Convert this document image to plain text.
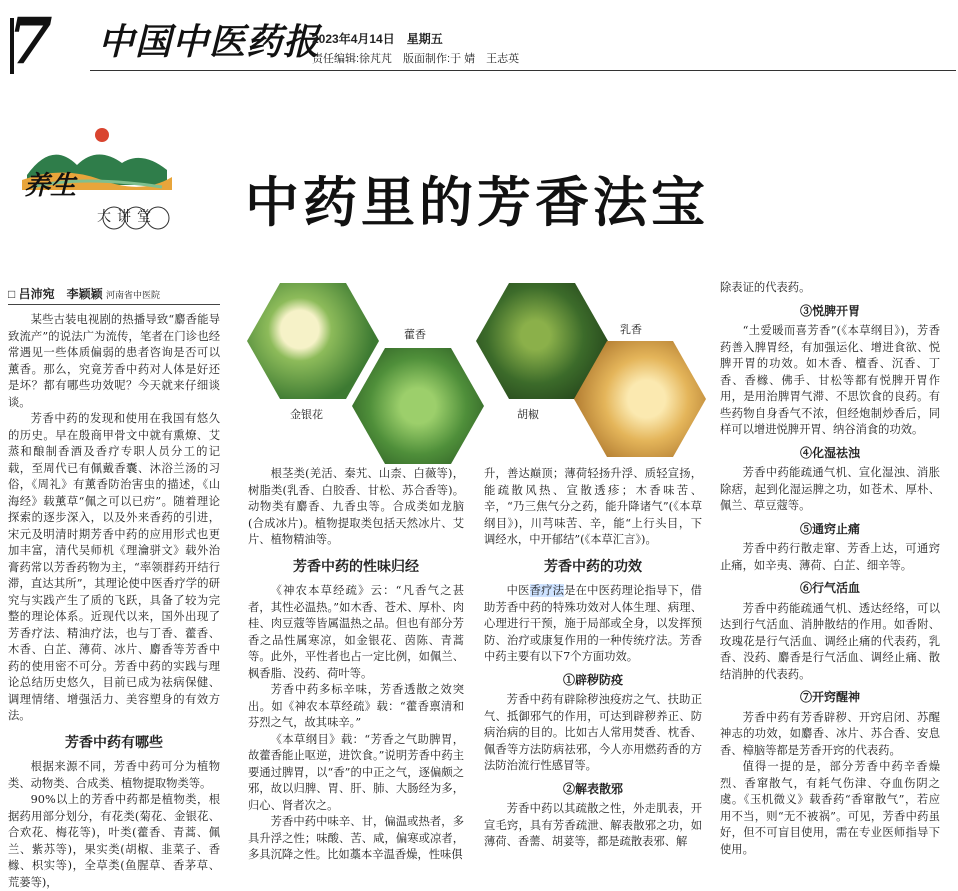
7	中国中医药报
2023年4月14日　星期五
责任编辑:徐芃芃　版面制作:于 婧　王志英
养生
大讲堂 中药里的芳香法宝
□ 吕沛宛　李颖颖 河南省中医院
金银花
藿香
胡椒
乳香

某些古装电视剧的热播导致“麝香能导致流产”的说法广为流传，笔者在门诊也经常遇见一些体质偏弱的患者咨询是否可以薰香。那么，究竟芳香中药对人体是好还是坏？都有哪些功效呢？今天就来仔细谈谈。

芳香中药的发现和使用在我国有悠久的历史。早在殷商甲骨文中就有熏燎、艾蒸和酿制香酒及香疗专职人员分工的记载，至周代已有佩戴香囊、沐浴兰汤的习俗，《周礼》有薰香防治害虫的描述，《山海经》载薰草“佩之可以已疠”。随着理论探索的逐步深入，以及外来香药的引进，宋元及明清时期芳香中药的应用形式也更加丰富，清代吴师机《理瀹骈文》载外治膏药常以芳香药物为主，“率领群药开结行滞，直达其所”，其理论使中医香疗学的研究与实践产生了质的飞跃，具备了较为完整的理论体系。近现代以来，国外出现了芳香疗法、精油疗法，也与丁香、藿香、木香、白芷、薄荷、冰片、麝香等芳香中药的使用密不可分。芳香中药的实践与理论总结历史悠久，目前已成为祛病保健、调理情绪、增强活力、美容塑身的有效方法。

芳香中药有哪些

根据来源不同，芳香中药可分为植物类、动物类、合成类、植物提取物类等。

90%以上的芳香中药都是植物类，根据药用部分划分，有花类(菊花、金银花、合欢花、梅花等)，叶类(藿香、青蒿、佩兰、紫苏等)，果实类(胡椒、韭菜子、香橼、枳实等)，全草类(鱼腥草、香茅草、荒蒌等)，

根茎类(羌活、秦艽、山柰、白薇等)，树脂类(乳香、白胶香、甘松、苏合香等)。动物类有麝香、九香虫等。合成类如龙脑(合成冰片)。植物提取类包括天然冰片、艾片、植物精油等。

芳香中药的性味归经

《神农本草经疏》云：“凡香气之甚者，其性必温热。”如木香、苍术、厚朴、肉桂、肉豆蔻等皆属温热之品。但也有部分芳香之品性属寒凉，如金银花、茵陈、青蒿等。此外，平性者也占一定比例，如佩兰、枫香脂、没药、荷叶等。

芳香中药多标辛味，芳香透散之效突出。如《神农本草经疏》载：“藿香禀清和芬烈之气，故其味辛。”

《本草纲目》载：“芳香之气助脾胃，故藿香能止呕逆，进饮食。”说明芳香中药主要通过脾胃，以“香”的中正之气，逐偏颇之邪，故以归脾、胃、肝、肺、大肠经为多，归心、肾者次之。

芳香中药中味辛、甘，偏温或热者，多具升浮之性；味酸、苦、咸，偏寒或凉者，多具沉降之性。比如藁本辛温香燥，性味俱

升，善达巅顶；薄荷轻扬升浮、质轻宣扬，能疏散风热、宣散透疹；木香味苦、辛，“乃三焦气分之药，能升降诸气”(《本草纲目》)，川芎味苦、辛，能“上行头目，下调经水，中开郁结”(《本草汇言》)。

芳香中药的功效

中医香疗法是在中医药理论指导下，借助芳香中药的特殊功效对人体生理、病理、心理进行干预，施于局部或全身，以发挥预防、治疗或康复作用的一种传统疗法。芳香中药主要有以下7个方面功效。

①辟秽防疫

芳香中药有辟除秽浊疫疠之气、扶助正气、抵御邪气的作用，可达到辟秽养正、防病治病的目的。比如古人常用焚香、枕香、佩香等方法防病祛邪，今人亦用燃药香的方法防治流行性感冒等。

②解表散邪

芳香中药以其疏散之性，外走肌表，开宣毛窍，具有芳香疏泄、解表散邪之功，如薄荷、香薷、胡荽等，都是疏散表邪、解

除表证的代表药。

③悦脾开胃

“土爱暖而喜芳香”(《本草纲目》)，芳香药善入脾胃经，有加强运化、增进食欲、悦脾开胃的功效。如木香、檀香、沉香、丁香、香橼、佛手、甘松等都有悦脾开胃作用，是用治脾胃气滞、不思饮食的良药。有些药物自身香气不浓，但经炮制炒香后，同样可以增进悦脾开胃、纳谷消食的功效。

④化湿祛浊

芳香中药能疏通气机、宣化湿浊、消胀除痞，起到化湿运脾之功，如苍术、厚朴、佩兰、草豆蔻等。

⑤通窍止痛

芳香中药行散走窜、芳香上达，可通窍止痛，如辛夷、薄荷、白芷、细辛等。

⑥行气活血

芳香中药能疏通气机、透达经络，可以达到行气活血、消肿散结的作用。如香附、玫瑰花是行气活血、调经止痛的代表药，乳香、没药、麝香是行气活血、调经止痛、散结消肿的代表药。

⑦开窍醒神

芳香中药有芳香辟秽、开窍启闭、苏醒神志的功效，如麝香、冰片、苏合香、安息香、樟脑等都是芳香开窍的代表药。

值得一提的是，部分芳香中药辛香燥烈、香窜散气，有耗气伤津、夺血伤阴之虞。《玉机微义》载香药“香窜散气”，若应用不当，则“无不被祸”。可见，芳香中药虽好，但不可盲目使用，需在专业医师指导下使用。
